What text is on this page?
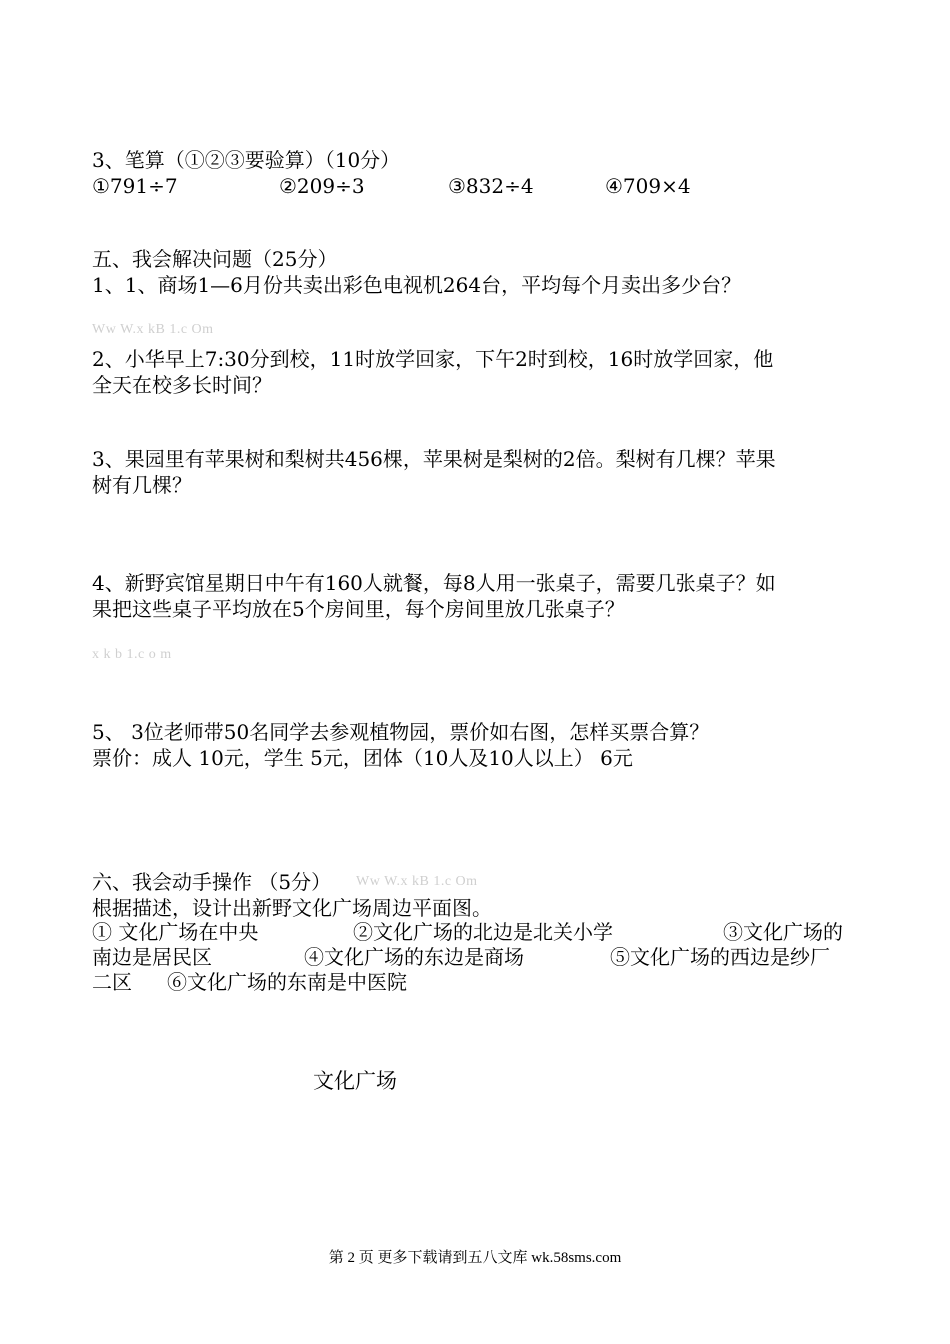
3、笔算（①②③要验算）（10分）
①791÷7	②209÷3	③832÷4	④709×4
五、我会解决问题（25分）
1、1、商场1—6月份共卖出彩色电视机264台，平均每个月卖出多少台？
Ww W.x kB 1.c Om
2、小华早上7:30分到校，11时放学回家，下午2时到校，16时放学回家，他
全天在校多长时间？
3、果园里有苹果树和梨树共456棵，苹果树是梨树的2倍。梨树有几棵？苹果
树有几棵？
4、新野宾馆星期日中午有160人就餐，每8人用一张桌子，需要几张桌子？如
果把这些桌子平均放在5个房间里，每个房间里放几张桌子？
x k b 1.c o m
5、 3位老师带50名同学去参观植物园，票价如右图，怎样买票合算？
票价：成人 10元，学生 5元，团体（10人及10人以上） 6元
六、我会动手操作 （5分） Ww W.x kB 1.c Om
根据描述，设计出新野文化广场周边平面图。
① 文化广场在中央	②文化广场的北边是北关小学	③文化广场的
南边是居民区	④文化广场的东边是商场	⑤文化广场的西边是纱厂
二区 ⑥文化广场的东南是中医院
文化广场
第 2 页 更多下载请到五八文库 wk.58sms.com
